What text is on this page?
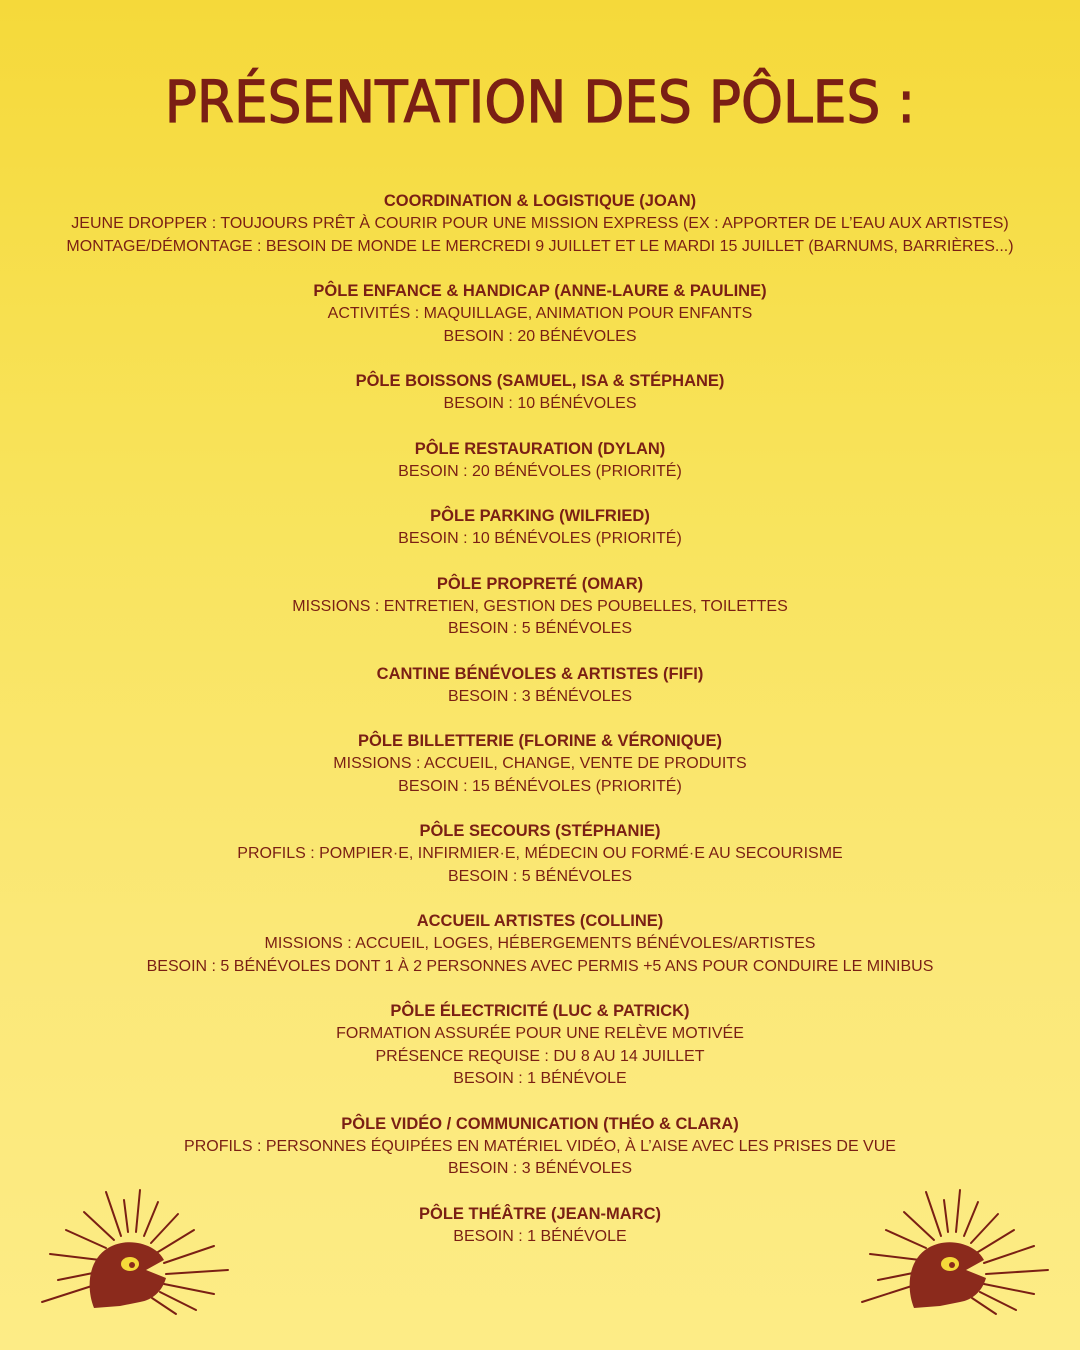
PRÉSENTATION DES PÔLES :
COORDINATION & LOGISTIQUE (JOAN)
JEUNE DROPPER : TOUJOURS PRÊT À COURIR POUR UNE MISSION EXPRESS (EX : APPORTER DE L’EAU AUX ARTISTES)
MONTAGE/DÉMONTAGE : BESOIN DE MONDE LE MERCREDI 9 JUILLET ET LE MARDI 15 JUILLET (BARNUMS, BARRIÈRES...)
PÔLE ENFANCE & HANDICAP (ANNE-LAURE & PAULINE)
ACTIVITÉS : MAQUILLAGE, ANIMATION POUR ENFANTS
BESOIN : 20 BÉNÉVOLES
PÔLE BOISSONS (SAMUEL, ISA & STÉPHANE)
BESOIN : 10 BÉNÉVOLES
PÔLE RESTAURATION (DYLAN)
BESOIN : 20 BÉNÉVOLES (PRIORITÉ)
PÔLE PARKING (WILFRIED)
BESOIN : 10 BÉNÉVOLES (PRIORITÉ)
PÔLE PROPRETÉ (OMAR)
MISSIONS : ENTRETIEN, GESTION DES POUBELLES, TOILETTES
BESOIN : 5 BÉNÉVOLES
CANTINE BÉNÉVOLES & ARTISTES (FIFI)
BESOIN : 3 BÉNÉVOLES
PÔLE BILLETTERIE (FLORINE & VÉRONIQUE)
MISSIONS : ACCUEIL, CHANGE, VENTE DE PRODUITS
BESOIN : 15 BÉNÉVOLES (PRIORITÉ)
PÔLE SECOURS (STÉPHANIE)
PROFILS : POMPIER·E, INFIRMIER·E, MÉDECIN OU FORMÉ·E AU SECOURISME
BESOIN : 5 BÉNÉVOLES
ACCUEIL ARTISTES (COLLINE)
MISSIONS : ACCUEIL, LOGES, HÉBERGEMENTS BÉNÉVOLES/ARTISTES
BESOIN : 5 BÉNÉVOLES DONT 1 À 2 PERSONNES AVEC PERMIS +5 ANS POUR CONDUIRE LE MINIBUS
PÔLE ÉLECTRICITÉ (LUC & PATRICK)
FORMATION ASSURÉE POUR UNE RELÈVE MOTIVÉE
PRÉSENCE REQUISE : DU 8 AU 14 JUILLET
BESOIN : 1 BÉNÉVOLE
PÔLE VIDÉO / COMMUNICATION (THÉO & CLARA)
PROFILS : PERSONNES ÉQUIPÉES EN MATÉRIEL VIDÉO, À L’AISE AVEC LES PRISES DE VUE
BESOIN : 3 BÉNÉVOLES
PÔLE THÉÂTRE (JEAN-MARC)
BESOIN : 1 BÉNÉVOLE
